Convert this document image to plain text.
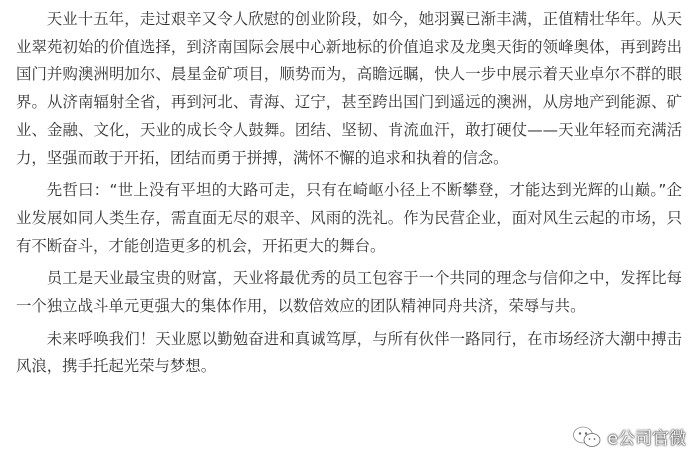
天业十五年，走过艰辛又令人欣慰的创业阶段，如今，她羽翼已渐丰满，正值精壮华年。从天业翠苑初始的价值选择，到济南国际会展中心新地标的价值追求及龙奥天街的领峰奥体，再到跨出国门并购澳洲明加尔、晨星金矿项目，顺势而为，高瞻远瞩，快人一步中展示着天业卓尔不群的眼界。从济南辐射全省，再到河北、青海、辽宁，甚至跨出国门到遥远的澳洲，从房地产到能源、矿业、金融、文化，天业的成长令人鼓舞。团结、坚韧、肯流血汗，敢打硬仗——天业年轻而充满活力，坚强而敢于开拓，团结而勇于拼搏，满怀不懈的追求和执着的信念。

先哲曰：“世上没有平坦的大路可走，只有在崎岖小径上不断攀登，才能达到光辉的山巅。”企业发展如同人类生存，需直面无尽的艰辛、风雨的洗礼。作为民营企业，面对风生云起的市场，只有不断奋斗，才能创造更多的机会，开拓更大的舞台。

员工是天业最宝贵的财富，天业将最优秀的员工包容于一个共同的理念与信仰之中，发挥比每一个独立战斗单元更强大的集体作用，以数倍效应的团队精神同舟共济，荣辱与共。

未来呼唤我们！天业愿以勤勉奋进和真诚笃厚，与所有伙伴一路同行，在市场经济大潮中搏击风浪，携手托起光荣与梦想。

e公司官微
